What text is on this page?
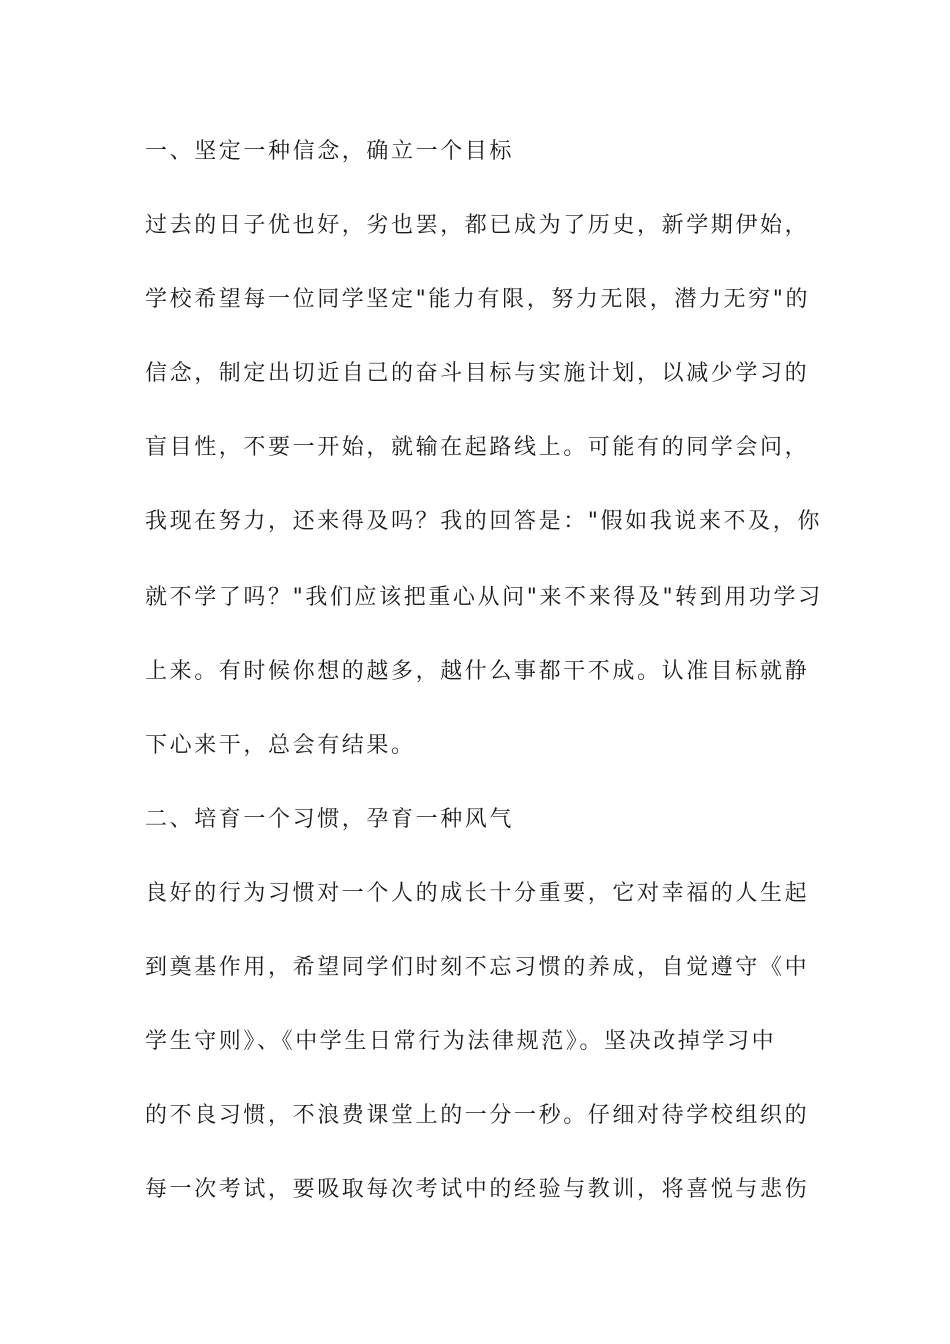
一、坚定一种信念，确立一个目标
过去的日子优也好，劣也罢，都已成为了历史，新学期伊始，
学校希望每一位同学坚定"能力有限，努力无限，潜力无穷"的
信念，制定出切近自己的奋斗目标与实施计划，以减少学习的
盲目性，不要一开始，就输在起路线上。可能有的同学会问，
我现在努力，还来得及吗？我的回答是："假如我说来不及，你
就不学了吗？"我们应该把重心从问"来不来得及"转到用功学习
上来。有时候你想的越多，越什么事都干不成。认准目标就静
下心来干，总会有结果。
二、培育一个习惯，孕育一种风气
良好的行为习惯对一个人的成长十分重要，它对幸福的人生起
到奠基作用，希望同学们时刻不忘习惯的养成，自觉遵守《中
学生守则》、《中学生日常行为法律规范》。坚决改掉学习中
的不良习惯，不浪费课堂上的一分一秒。仔细对待学校组织的
每一次考试，要吸取每次考试中的经验与教训，将喜悦与悲伤
